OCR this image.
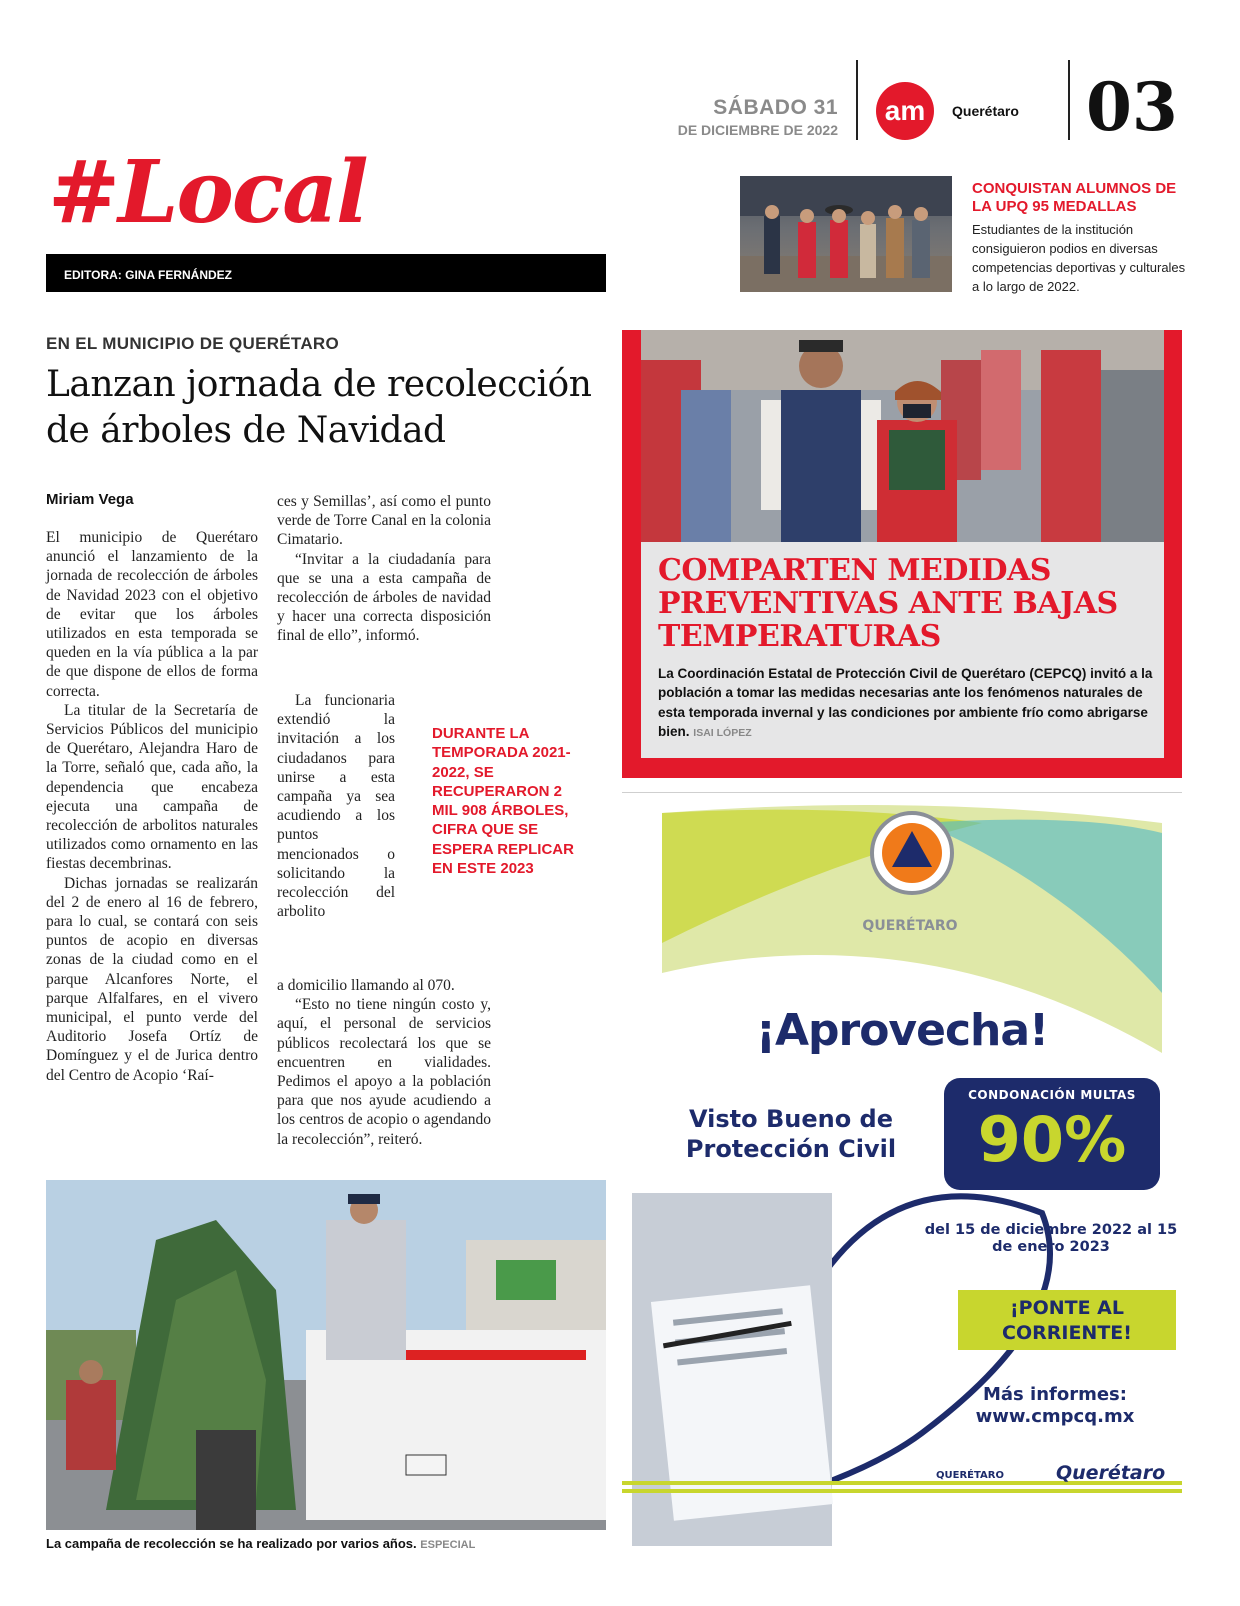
SÁBADO 31
DE DICIEMBRE DE 2022
am	Querétaro 03
#Local
EDITORA: GINA FERNÁNDEZ
CONQUISTAN ALUMNOS DE LA UPQ 95 MEDALLAS
Estudiantes de la institución consiguieron podios en diversas competencias deportivas y culturales a lo largo de 2022.
EN EL MUNICIPIO DE QUERÉTARO
Lanzan jornada de recolección de árboles de Navidad
Miriam Vega

El municipio de Querétaro anunció el lanzamiento de la jornada de recolección de árboles de Navidad 2023 con el objetivo de evitar que los árboles utilizados en esta temporada se queden en la vía pública a la par de que dispone de ellos de forma correcta.

La titular de la Secretaría de Servicios Públicos del municipio de Querétaro, Alejandra Haro de la Torre, señaló que, cada año, la dependencia que encabeza ejecuta una campaña de recolección de arbolitos naturales utilizados como ornamento en las fiestas decembrinas.

Dichas jornadas se realizarán del 2 de enero al 16 de febrero, para lo cual, se contará con seis puntos de acopio en diversas zonas de la ciudad como en el parque Alcanfores Norte, el parque Alfalfares, en el vivero municipal, el punto verde del Auditorio Josefa Ortíz de Domínguez y el de Jurica dentro del Centro de Acopio ‘Raí-

ces y Semillas’, así como el punto verde de Torre Canal en la colonia Cimatario.

“Invitar a la ciudadanía para que se una a esta campaña de recolección de árboles de navidad y hacer una correcta disposición final de ello”, informó.

La funcionaria extendió la invitación a los ciudadanos para unirse a esta campaña ya sea acudiendo a los puntos mencionados o solicitando la recolección del arbolito

a domicilio llamando al 070.

“Esto no tiene ningún costo y, aquí, el personal de servicios públicos recolectará los que se encuentren en vialidades. Pedimos el apoyo a la población para que nos ayude acudiendo a los centros de acopio o agendando la recolección”, reiteró.

DURANTE LA TEMPORADA 2021-2022, SE RECUPERARON 2 MIL 908 ÁRBOLES, CIFRA QUE SE ESPERA REPLICAR EN ESTE 2023
La campaña de recolección se ha realizado por varios años. ESPECIAL
COMPARTEN MEDIDAS PREVENTIVAS ANTE BAJAS TEMPERATURAS
La Coordinación Estatal de Protección Civil de Querétaro (CEPCQ) invitó a la población a tomar las medidas necesarias ante los fenómenos naturales de esta temporada invernal y las condiciones por ambiente frío como abrigarse bien. ISAI LÓPEZ
QUERÉTARO
¡Aprovecha!
Visto Bueno de Protección Civil
CONDONACIÓN MULTAS
90%
del 15 de diciembre 2022 al 15 de enero 2023
¡PONTE AL CORRIENTE!
Más informes: www.cmpcq.mx
QUERÉTARO	Querétaro
